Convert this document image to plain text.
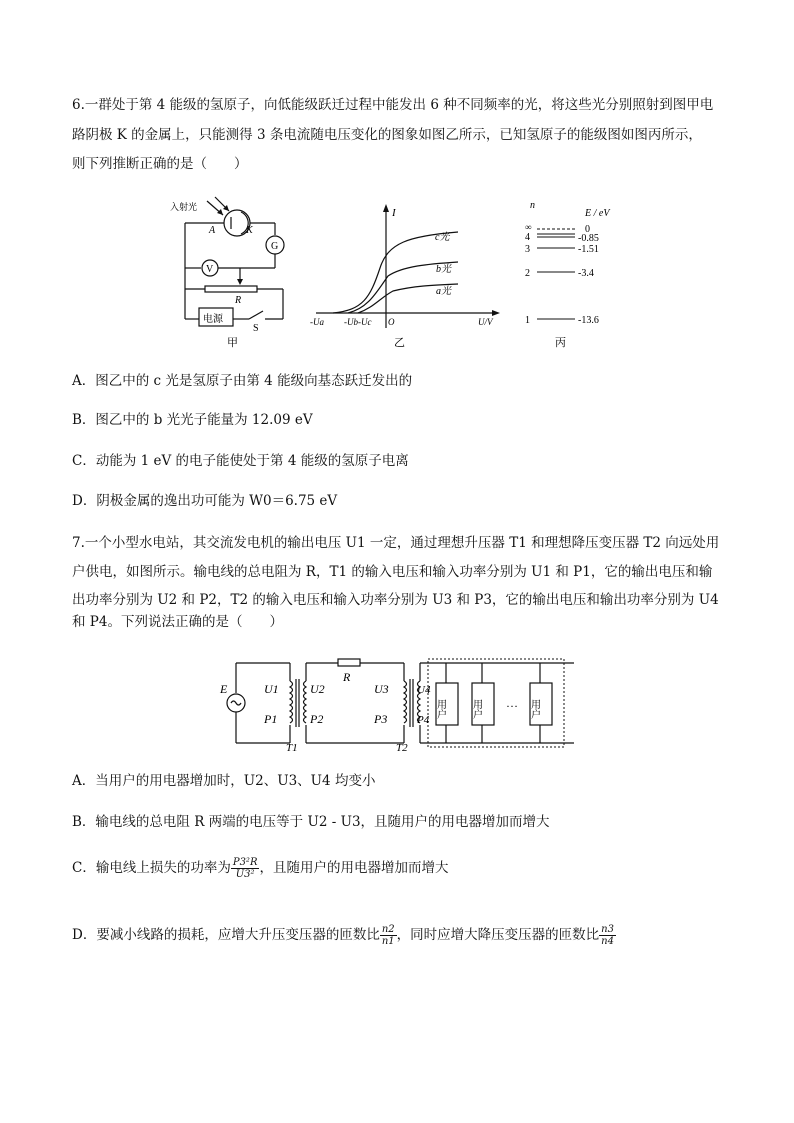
6.一群处于第 4 能级的氢原子，向低能级跃迁过程中能发出 6 种不同频率的光，将这些光分别照射到图甲电
路阴极 K 的金属上，只能测得 3 条电流随电压变化的图象如图乙所示，已知氢原子的能级图如图丙所示，
则下列推断正确的是（　　）
入射光
A	K
G
V
R
电源
S
甲
I
c光
b光
a光
-Ua -Ub-Uc O	U/V
乙
n
E / eV
∞	0
4	-0.85
3	-1.51
2	-3.4
1	-13.6
丙
A．图乙中的 c 光是氢原子由第 4 能级向基态跃迁发出的
B．图乙中的 b 光光子能量为 12.09 eV
C．动能为 1 eV 的电子能使处于第 4 能级的氢原子电离
D．阴极金属的逸出功可能为 W0＝6.75 eV
7.一个小型水电站，其交流发电机的输出电压 U1 一定，通过理想升压器 T1 和理想降压变压器 T2 向远处用
户供电，如图所示。输电线的总电阻为 R，T1 的输入电压和输入功率分别为 U1 和 P1，它的输出电压和输
出功率分别为 U2 和 P2，T2 的输入电压和输入功率分别为 U3 和 P3，它的输出电压和输出功率分别为 U4
和 P4。下列说法正确的是（　　）
E	U1
P1
U2
P2
R
U3
P3
U4
P4
T1	T2
用户	用户 … 用户
A．当用户的用电器增加时，U2、U3、U4 均变小
B．输电线的总电阻 R 两端的电压等于 U2 - U3，且随用户的用电器增加而增大
C．输电线上损失的功率为 $\frac{\text{P3²R}}{\text{U3²}}$ ，且随用户的用电器增加而增大
D．要减小线路的损耗，应增大升压变压器的匝数比 $\frac{n2}{n1}$ ，同时应增大降压变压器的匝数比 $\frac{n3}{n4}$
